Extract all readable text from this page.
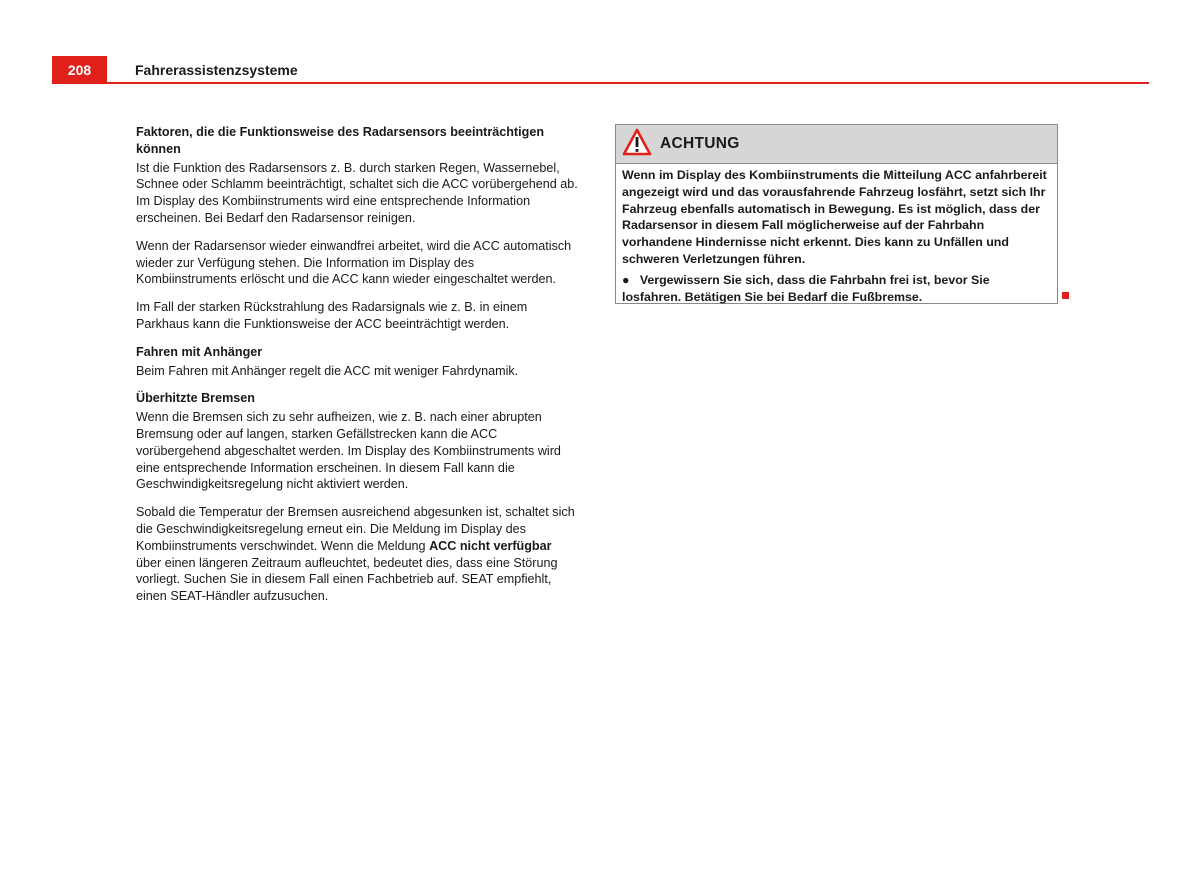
208	Fahrerassistenzsysteme
Faktoren, die die Funktionsweise des Radarsensors beeinträchtigen können

Ist die Funktion des Radarsensors z. B. durch starken Regen, Wassernebel, Schnee oder Schlamm beeinträchtigt, schaltet sich die ACC vorübergehend ab. Im Display des Kombiinstruments wird eine entsprechende Information erscheinen. Bei Bedarf den Radarsensor reinigen.

Wenn der Radarsensor wieder einwandfrei arbeitet, wird die ACC automatisch wieder zur Verfügung stehen. Die Information im Display des Kombiinstruments erlöscht und die ACC kann wieder eingeschaltet werden.

Im Fall der starken Rückstrahlung des Radarsignals wie z. B. in einem Parkhaus kann die Funktionsweise der ACC beeinträchtigt werden.

Fahren mit Anhänger

Beim Fahren mit Anhänger regelt die ACC mit weniger Fahrdynamik.

Überhitzte Bremsen

Wenn die Bremsen sich zu sehr aufheizen, wie z. B. nach einer abrupten Bremsung oder auf langen, starken Gefällstrecken kann die ACC vorübergehend abgeschaltet werden. Im Display des Kombiinstruments wird eine entsprechende Information erscheinen. In diesem Fall kann die Geschwindigkeitsregelung nicht aktiviert werden.

Sobald die Temperatur der Bremsen ausreichend abgesunken ist, schaltet sich die Geschwindigkeitsregelung erneut ein. Die Meldung im Display des Kombiinstruments verschwindet. Wenn die Meldung ACC nicht verfügbar über einen längeren Zeitraum aufleuchtet, bedeutet dies, dass eine Störung vorliegt. Suchen Sie in diesem Fall einen Fachbetrieb auf. SEAT empfiehlt, einen SEAT-Händler aufzusuchen.

ACHTUNG

Wenn im Display des Kombiinstruments die Mitteilung ACC anfahrbereit angezeigt wird und das vorausfahrende Fahrzeug losfährt, setzt sich Ihr Fahrzeug ebenfalls automatisch in Bewegung. Es ist möglich, dass der Radarsensor in diesem Fall möglicherweise auf der Fahrbahn vorhandene Hindernisse nicht erkennt. Dies kann zu Unfällen und schweren Verletzungen führen.

● Vergewissern Sie sich, dass die Fahrbahn frei ist, bevor Sie losfahren. Betätigen Sie bei Bedarf die Fußbremse.
